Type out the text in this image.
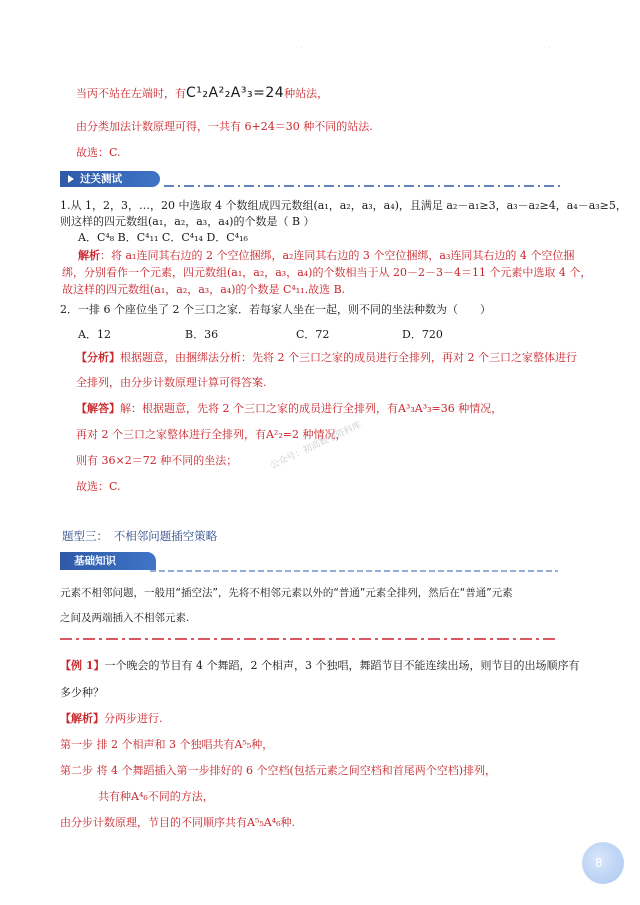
·	·
当丙不站在左端时，有C¹₂A²₂A³₃=24种站法，
由分类加法计数原理可得，一共有 6+24＝30 种不同的站法.
故选：C.
过关测试
1.从 1，2，3，…，20 中选取 4 个数组成四元数组(a₁，a₂，a₃，a₄)，且满足 a₂－a₁≥3，a₃－a₂≥4，a₄－a₃≥5，
则这样的四元数组(a₁，a₂，a₃，a₄)的个数是（ B ）
A．C⁴₈ B．C⁴₁₁ C．C⁴₁₄ D．C⁴₁₆
解析：将 a₁连同其右边的 2 个空位捆绑，a₂连同其右边的 3 个空位捆绑，a₃连同其右边的 4 个空位捆
绑，分别看作一个元素，四元数组(a₁，a₂，a₃，a₄)的个数相当于从 20－2－3－4＝11 个元素中选取 4 个，
故这样的四元数组(a₁，a₂，a₃，a₄)的个数是 C⁴₁₁.故选 B.
2．一排 6 个座位坐了 2 个三口之家．若每家人坐在一起，则不同的坐法种数为（　　）
A．12	B．36	C．72	D．720
【分析】根据题意，由捆绑法分析：先将 2 个三口之家的成员进行全排列，再对 2 个三口之家整体进行
全排列，由分步计数原理计算可得答案.
【解答】解：根据题意，先将 2 个三口之家的成员进行全排列，有A³₃A³₃=36 种情况，
再对 2 个三口之家整体进行全排列，有A²₂=2 种情况，
则有 36×2＝72 种不同的坐法；
故选：C.
公众号：初高数学资料库
题型三：　不相邻问题插空策略
基础知识
元素不相邻问题，一般用“插空法”，先将不相邻元素以外的“普通”元素全排列，然后在“普通”元素
之间及两端插入不相邻元素.
【例 1】一个晚会的节目有 4 个舞蹈，2 个相声，3 个独唱，舞蹈节目不能连续出场，则节目的出场顺序有
多少种？
【解析】分两步进行.
第一步 排 2 个相声和 3 个独唱共有A⁵₅种，
第二步 将 4 个舞蹈插入第一步排好的 6 个空档(包括元素之间空档和首尾两个空档)排列，
共有种A⁴₆不同的方法，
由分步计数原理，节目的不同顺序共有A⁵₅A⁴₆种.
8
